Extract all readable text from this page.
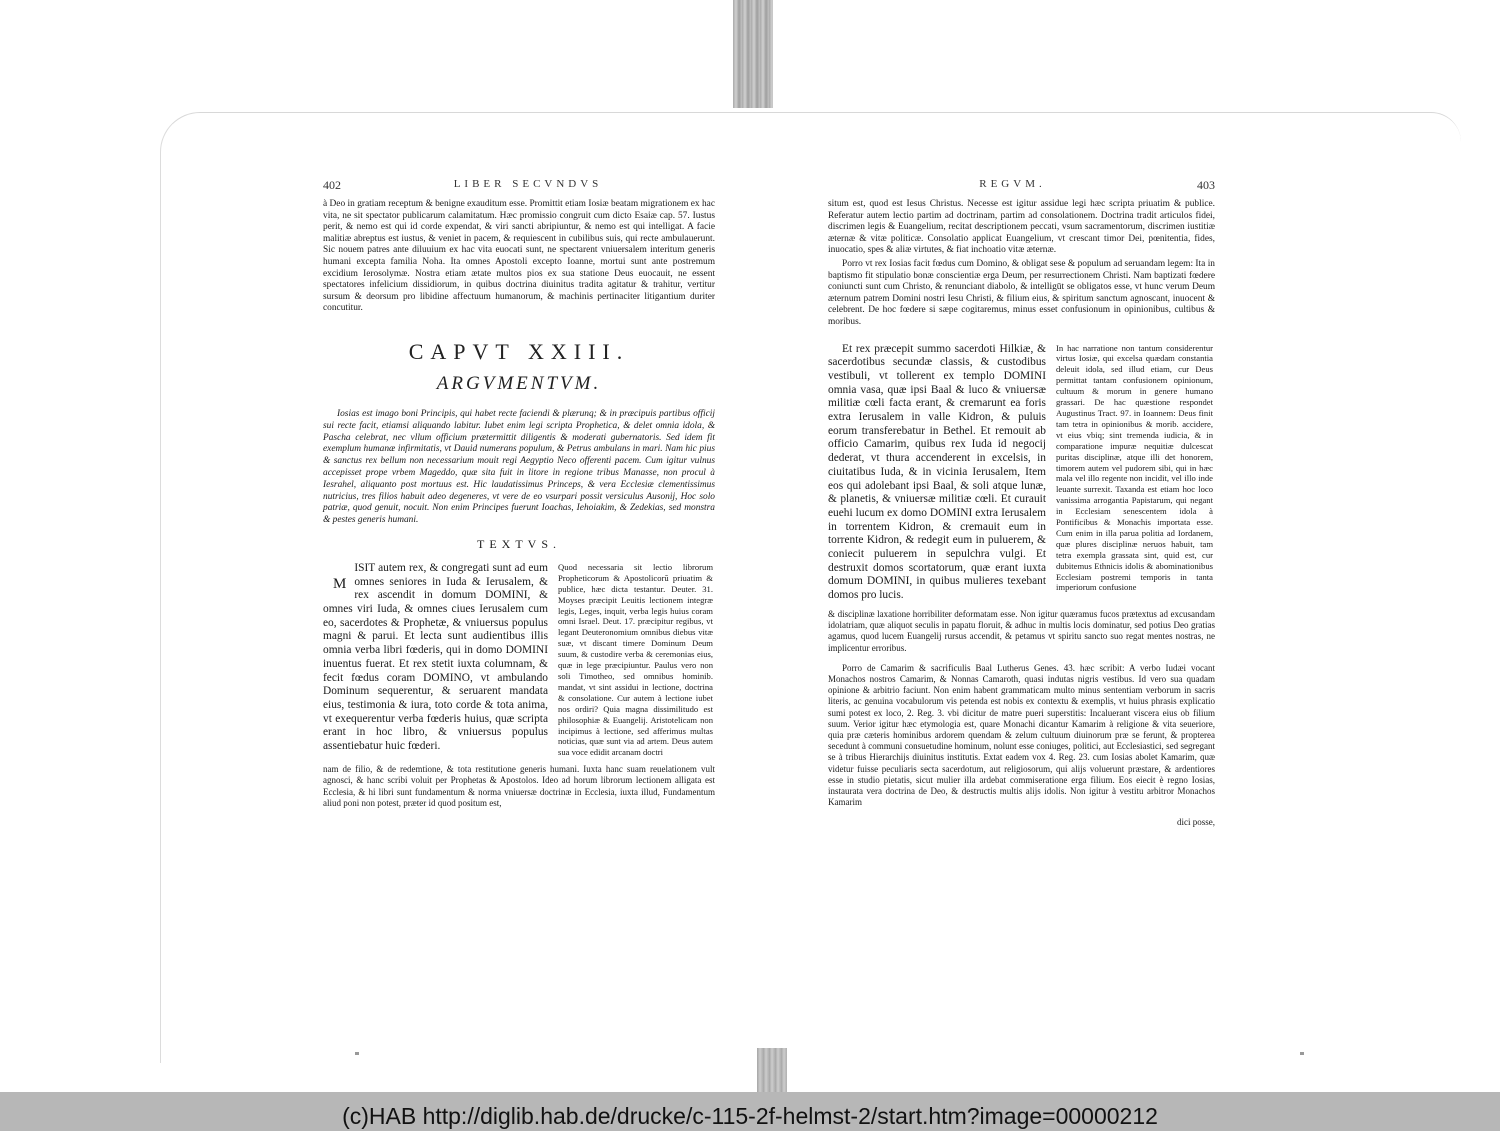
402	LIBER SECVNDVS

à Deo in gratiam receptum & benigne exauditum esse. Promittit etiam Iosiæ beatam migrationem ex hac vita, ne sit spectator publicarum calamitatum. Hæc promissio congruit cum dicto Esaiæ cap. 57. Iustus perit, & nemo est qui id corde expendat, & viri sancti abripiuntur, & nemo est qui intelligat. A facie malitiæ abreptus est iustus, & veniet in pacem, & requiescent in cubilibus suis, qui recte ambulauerunt. Sic nouem patres ante diluuium ex hac vita euocati sunt, ne spectarent vniuersalem interitum generis humani excepta familia Noha. Ita omnes Apostoli excepto Ioanne, mortui sunt ante postremum excidium Ierosolymæ. Nostra etiam ætate multos pios ex sua statione Deus euocauit, ne essent spectatores infelicium dissidiorum, in quibus doctrina diuinitus tradita agitatur & trahitur, vertitur sursum & deorsum pro libidine affectuum humanorum, & machinis pertinaciter litigantium duriter concutitur.

CAPVT XXIII.
ARGVMENTVM.

Iosias est imago boni Principis, qui habet recte faciendi & plærunq; & in præcipuis partibus officij sui recte facit, etiamsi aliquando labitur. Iubet enim legi scripta Prophetica, & delet omnia idola, & Pascha celebrat, nec vllum officium prætermittit diligentis & moderati gubernatoris. Sed idem fit exemplum humanæ infirmitatis, vt Dauid numerans populum, & Petrus ambulans in mari. Nam hic pius & sanctus rex bellum non necessarium mouit regi Aegyptio Neco offerenti pacem. Cum igitur vulnus accepisset prope vrbem Mageddo, quæ sita fuit in litore in regione tribus Manasse, non procul à Iesrahel, aliquanto post mortuus est. Hic laudatissimus Princeps, & vera Ecclesiæ clementissimus nutricius, tres filios habuit adeo degeneres, vt vere de eo vsurpari possit versiculus Ausonij, Hoc solo patriæ, quod genuit, nocuit. Non enim Principes fuerunt Ioachas, Iehoiakim, & Zedekias, sed monstra & pestes generis humani.

TEXTVS.
M
ISIT autem rex, & congregati sunt ad eum omnes seniores in Iuda & Ierusalem, & rex ascendit in domum DOMINI, & omnes viri Iuda, & omnes ciues Ierusalem cum eo, sacerdotes & Prophetæ, & vniuersus populus magni & parui. Et lecta sunt audientibus illis omnia verba libri fœderis, qui in domo DOMINI inuentus fuerat. Et rex stetit iuxta columnam, & fecit fœdus coram DOMINO, vt ambulando Dominum sequerentur, & seruarent mandata eius, testimonia & iura, toto corde & tota anima, vt exequerentur verba fœderis huius, quæ scripta erant in hoc libro, & vniuersus populus assentiebatur huic fœderi.
Quod necessaria sit lectio librorum Propheticorum & Apostolicorū priuatim & publice, hæc dicta testantur. Deuter. 31. Moyses præcipit Leuitis lectionem integræ legis, Leges, inquit, verba legis huius coram omni Israel. Deut. 17. præcipitur regibus, vt legant Deuteronomium omnibus diebus vitæ suæ, vt discant timere Dominum Deum suum, & custodire verba & ceremonias eius, quæ in lege præcipiuntur. Paulus vero non soli Timotheo, sed omnibus hominib. mandat, vt sint assidui in lectione, doctrina & consolatione. Cur autem à lectione iubet nos ordiri? Quia magna dissimilitudo est philosophiæ & Euangelij. Aristotelicam non incipimus à lectione, sed afferimus multas noticias, quæ sunt via ad artem. Deus autem sua voce edidit arcanam doctri

nam de filio, & de redemtione, & tota restitutione generis humani. Iuxta hanc suam reuelationem vult agnosci, & hanc scribi voluit per Prophetas & Apostolos. Ideo ad horum librorum lectionem alligata est Ecclesia, & hi libri sunt fundamentum & norma vniuersæ doctrinæ in Ecclesia, iuxta illud, Fundamentum aliud poni non potest, præter id quod positum est,

REGVM.	403

situm est, quod est Iesus Christus. Necesse est igitur assidue legi hæc scripta priuatim & publice. Referatur autem lectio partim ad doctrinam, partim ad consolationem. Doctrina tradit articulos fidei, discrimen legis & Euangelium, recitat descriptionem peccati, vsum sacramentorum, discrimen iustitiæ æternæ & vitæ politicæ. Consolatio applicat Euangelium, vt crescant timor Dei, pœnitentia, fides, inuocatio, spes & aliæ virtutes, & fiat inchoatio vitæ æternæ.

Porro vt rex Iosias facit fœdus cum Domino, & obligat sese & populum ad seruandam legem: Ita in baptismo fit stipulatio bonæ conscientiæ erga Deum, per resurrectionem Christi. Nam baptizati fœdere coniuncti sunt cum Christo, & renunciant diabolo, & intelligūt se obligatos esse, vt hunc verum Deum æternum patrem Domini nostri Iesu Christi, & filium eius, & spiritum sanctum agnoscant, inuocent & celebrent. De hoc fœdere si sæpe cogitaremus, minus esset confusionum in opinionibus, cultibus & moribus.

Et rex præcepit summo sacerdoti Hilkiæ, & sacerdotibus secundæ classis, & custodibus vestibuli, vt tollerent ex templo DOMINI omnia vasa, quæ ipsi Baal & luco & vniuersæ militiæ cœli facta erant, & cremarunt ea foris extra Ierusalem in valle Kidron, & puluis eorum transferebatur in Bethel. Et remouit ab officio Camarim, quibus rex Iuda id negocij dederat, vt thura accenderent in excelsis, in ciuitatibus Iuda, & in vicinia Ierusalem, Item eos qui adolebant ipsi Baal, & soli atque lunæ, & planetis, & vniuersæ militiæ cœli. Et curauit euehi lucum ex domo DOMINI extra Ierusalem in torrentem Kidron, & cremauit eum in torrente Kidron, & redegit eum in puluerem, & coniecit puluerem in sepulchra vulgi. Et destruxit domos scortatorum, quæ erant iuxta domum DOMINI, in quibus mulieres texebant domos pro lucis.
In hac narratione non tantum considerentur virtus Iosiæ, qui excelsa quædam constantia deleuit idola, sed illud etiam, cur Deus permittat tantam confusionem opinionum, cultuum & morum in genere humano grassari. De hac quæstione respondet Augustinus Tract. 97. in Ioannem: Deus finit tam tetra in opinionibus & morib. accidere, vt eius vbiq; sint tremenda iudicia, & in comparatione impuræ nequitiæ dulcescat puritas disciplinæ, atque illi det honorem, timorem autem vel pudorem sibi, qui in hæc mala vel illo regente non incidit, vel illo inde leuante surrexit. Taxanda est etiam hoc loco vanissima arrogantia Papistarum, qui negant in Ecclesiam senescentem idola à Pontificibus & Monachis importata esse. Cum enim in illa parua politia ad Iordanem, quæ plures disciplinæ neruos habuit, tam tetra exempla grassata sint, quid est, cur dubitemus Ethnicis idolis & abominationibus Ecclesiam postremi temporis in tanta imperiorum confusione

& disciplinæ laxatione horribiliter deformatam esse. Non igitur quæramus fucos prætextus ad excusandam idolatriam, quæ aliquot seculis in papatu floruit, & adhuc in multis locis dominatur, sed potius Deo gratias agamus, quod lucem Euangelij rursus accendit, & petamus vt spiritu sancto suo regat mentes nostras, ne implicentur erroribus.

Porro de Camarim & sacrificulis Baal Lutherus Genes. 43. hæc scribit: A verbo Iudæi vocant Monachos nostros Camarim, & Nonnas Camaroth, quasi indutas nigris vestibus. Id vero sua quadam opinione & arbitrio faciunt. Non enim habent grammaticam multo minus sententiam verborum in sacris literis, ac genuina vocabulorum vis petenda est nobis ex contextu & exemplis, vt huius phrasis explicatio sumi potest ex loco, 2. Reg. 3. vbi dicitur de matre pueri superstitis: Incaluerant viscera eius ob filium suum. Verior igitur hæc etymologia est, quare Monachi dicantur Kamarim à religione & vita seueriore, quia præ cæteris hominibus ardorem quendam & zelum cultuum diuinorum præ se ferunt, & propterea secedunt à communi consuetudine hominum, nolunt esse coniuges, politici, aut Ecclesiastici, sed segregant se à tribus Hierarchijs diuinitus institutis. Extat eadem vox 4. Reg. 23. cum Iosias abolet Kamarim, quæ videtur fuisse peculiaris secta sacerdotum, aut religiosorum, qui alijs voluerunt præstare, & ardentiores esse in studio pietatis, sicut mulier illa ardebat commiseratione erga filium. Eos eiecit è regno Iosias, instaurata vera doctrina de Deo, & destructis multis alijs idolis. Non igitur à vestitu arbitror Monachos Kamarim

dici posse,
(c)HAB http://diglib.hab.de/drucke/c-115-2f-helmst-2/start.htm?image=00000212
